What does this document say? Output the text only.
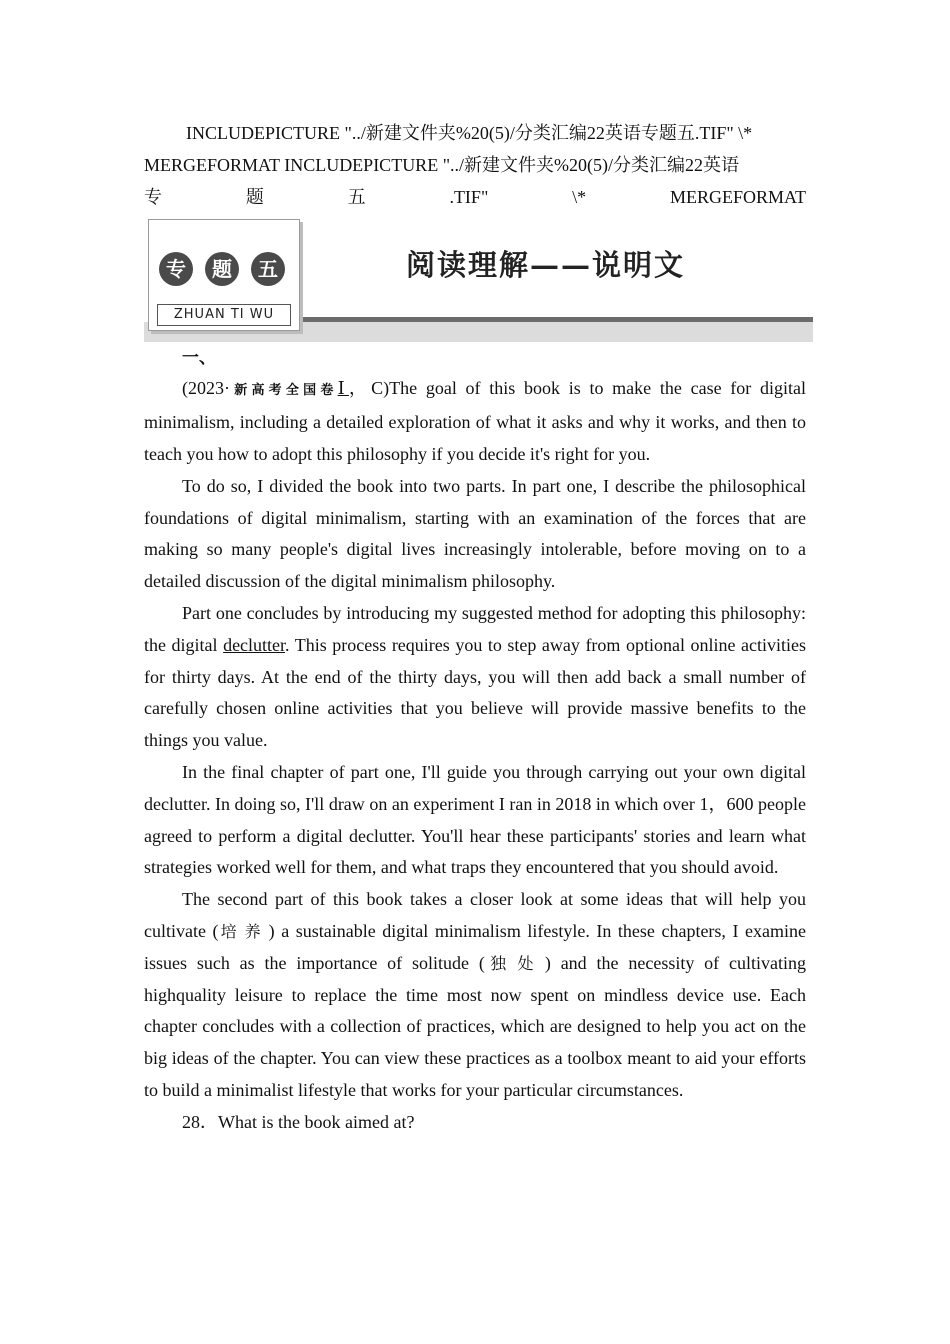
INCLUDEPICTURE "../新建文件夹%20(5)/分类汇编22英语专题五.TIF" \*
MERGEFORMAT INCLUDEPICTURE "../新建文件夹%20(5)/分类汇编22英语
专	题	五	.TIF"	\*	MERGEFORMAT
专	题	五
ZHUAN TI WU
阅读理解——说明文
一、

(2023·新高考全国卷Ⅰ，C)The goal of this book is to make the case for digital minimalism, including a detailed exploration of what it asks and why it works, and then to teach you how to adopt this philosophy if you decide it's right for you.

To do so, I divided the book into two parts. In part one, I describe the philosophical foundations of digital minimalism, starting with an examination of the forces that are making so many people's digital lives increasingly intolerable, before moving on to a detailed discussion of the digital minimalism philosophy.

Part one concludes by introducing my suggested method for adopting this philosophy: the digital declutter. This process requires you to step away from optional online activities for thirty days. At the end of the thirty days, you will then add back a small number of carefully chosen online activities that you believe will provide massive benefits to the things you value.

In the final chapter of part one, I'll guide you through carrying out your own digital declutter. In doing so, I'll draw on an experiment I ran in 2018 in which over 1，600 people agreed to perform a digital declutter. You'll hear these participants' stories and learn what strategies worked well for them, and what traps they encountered that you should avoid.

The second part of this book takes a closer look at some ideas that will help you cultivate (培养) a sustainable digital minimalism lifestyle. In these chapters, I examine issues such as the importance of solitude (独处) and the necessity of cultivating highquality leisure to replace the time most now spent on mindless device use. Each chapter concludes with a collection of practices, which are designed to help you act on the big ideas of the chapter. You can view these practices as a toolbox meant to aid your efforts to build a minimalist lifestyle that works for your particular circumstances.

28．What is the book aimed at?
